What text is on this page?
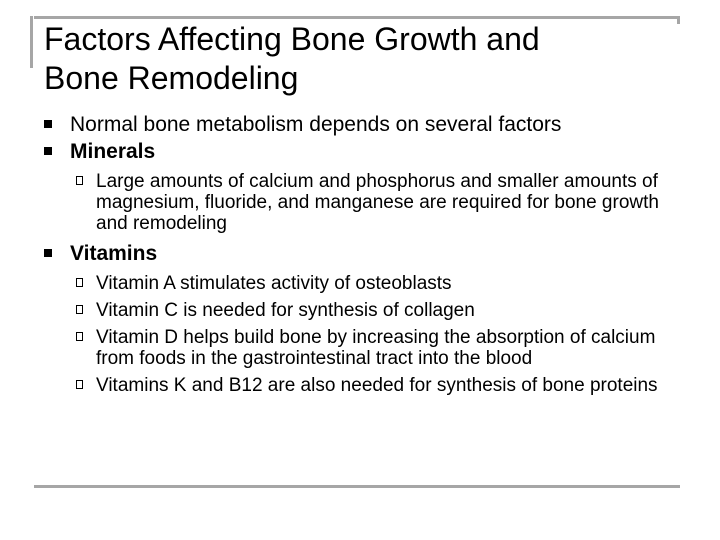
Factors Affecting Bone Growth and
Bone Remodeling

Normal bone metabolism depends on several factors

Minerals

Large amounts of calcium and phosphorus and smaller amounts of magnesium, fluoride, and manganese are required for bone growth and remodeling

Vitamins

Vitamin A stimulates activity of osteoblasts

Vitamin C is needed for synthesis of collagen

Vitamin D helps build bone by increasing the absorption of calcium from foods in the gastrointestinal tract into the blood

Vitamins K and B12 are also needed for synthesis of bone proteins
